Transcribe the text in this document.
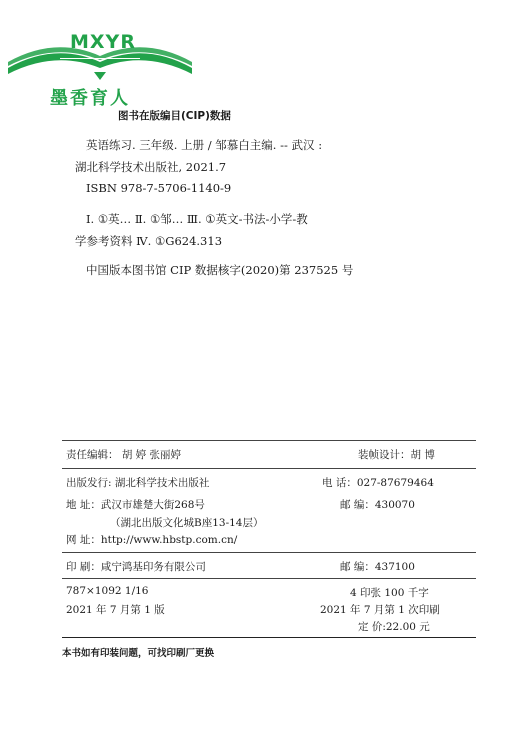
MXYR
墨香育人
图书在版编目(CIP)数据
英语练习. 三年级. 上册 / 邹慕白主编. -- 武汉 :
湖北科学技术出版社, 2021.7
ISBN 978-7-5706-1140-9
Ⅰ. ①英… Ⅱ. ①邹… Ⅲ. ①英文-书法-小学-教
学参考资料 Ⅳ. ①G624.313
中国版本图书馆 CIP 数据核字(2020)第 237525 号
责任编辑： 胡 婷 张丽婷	装帧设计：胡 博
出版发行: 湖北科学技术出版社	电 话：027-87679464
地 址：武汉市雄楚大街268号	邮 编：430070
（湖北出版文化城B座13-14层）
网 址：http://www.hbstp.com.cn/
印 刷：咸宁鸿基印务有限公司	邮 编：437100
787×1092 1/16	4 印张 100 千字
2021 年 7 月第 1 版	2021 年 7 月第 1 次印刷
定 价:22.00 元
本书如有印装问题，可找印刷厂更换
